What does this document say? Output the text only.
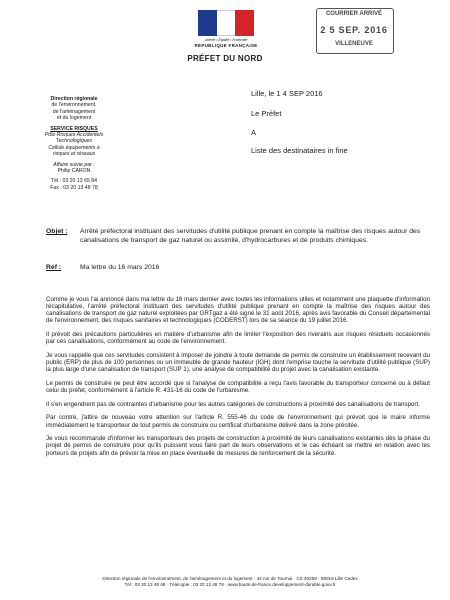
Liberté • Égalité • Fraternité
RÉPUBLIQUE FRANÇAISE
PRÉFET DU NORD
COURRIER ARRIVÉ
2 5 SEP. 2016
VILLENEUVE
Direction régionale
de l'environnement,
de l'aménagement
et du logement
SERVICE RISQUES
Pôle Risques Accidentels
Technologiques
Cellule équipements à
risques et réseaux
Affaire suivie par :
Philip CARON
Tél : 03 20 13 65 84
Fax : 03 20 13 48 78
Lille, le 1 4 SEP 2016
Le Préfet
A
Liste des destinataires in fine
Objet : Arrêté préfectoral instituant des servitudes d'utilité publique prenant en compte la maîtrise des risques autour des canalisations de transport de gaz naturel ou assimilé, d'hydrocarbures et de produits chimiques.
Réf :	Ma lettre du 16 mars 2016

Comme je vous l'ai annoncé dans ma lettre du 16 mars dernier avec toutes les informations utiles et notamment une plaquette d'information récapitulative, l'arrêté préfectoral instituant des servitudes d'utilité publique prenant en compte la maîtrise des risques autour des canalisations de transport de gaz naturel exploitées par GRTgaz a été signé le 31 août 2016, après avis favorable du Conseil départemental de l'environnement, des risques sanitaires et technologiques (CODERST) lors de sa séance du 19 juillet 2016.

Il prévoit des précautions particulières en matière d'urbanisme afin de limiter l'exposition des riverains aux risques résiduels occasionnés par ces canalisations, conformément au code de l'environnement.

Je vous rappelle que ces servitudes consistent à imposer de joindre à toute demande de permis de construire un établissement recevant du public (ERP) de plus de 100 personnes ou un immeuble de grande hauteur (IGH) dont l'emprise touche la servitude d'utilité publique (SUP) la plus large d'une canalisation de transport (SUP 1), une analyse de compatibilité du projet avec la canalisation existante.

Le permis de construire ne peut être accordé que si l'analyse de compatibilité a reçu l'avis favorable du transporteur concerné ou à défaut celui du préfet, conformément à l'article R. 431-16 du code de l'urbanisme.

Il s'en engendrent pas de contraintes d'urbanisme pour les autres catégories de constructions à proximité des canalisations de transport.

Par contre, j'attire de nouveau votre attention sur l'article R. 555-46 du code de l'environnement qui prévoit que le maire informe immédiatement le transporteur de tout permis de construire ou certificat d'urbanisme délivré dans la zone précitée.

Je vous recommande d'informer les transporteurs des projets de construction à proximité de leurs canalisations existantes dès la phase du projet de permis de construire pour qu'ils puissent vous faire part de leurs observations et le cas échéant se mettre en relation avec les porteurs de projets afin de prévoir la mise en place éventuelle de mesures de renforcement de la sécurité.

Direction régionale de l'environnement, de l'aménagement et du logement · 44 rue de Tournai · CS 40259 · 59019 Lille Cedex
Tél : 03 20 13 48 48 · Télécopie : 03 20 13 48 78 · www.hauts-de-france.developpement-durable.gouv.fr
